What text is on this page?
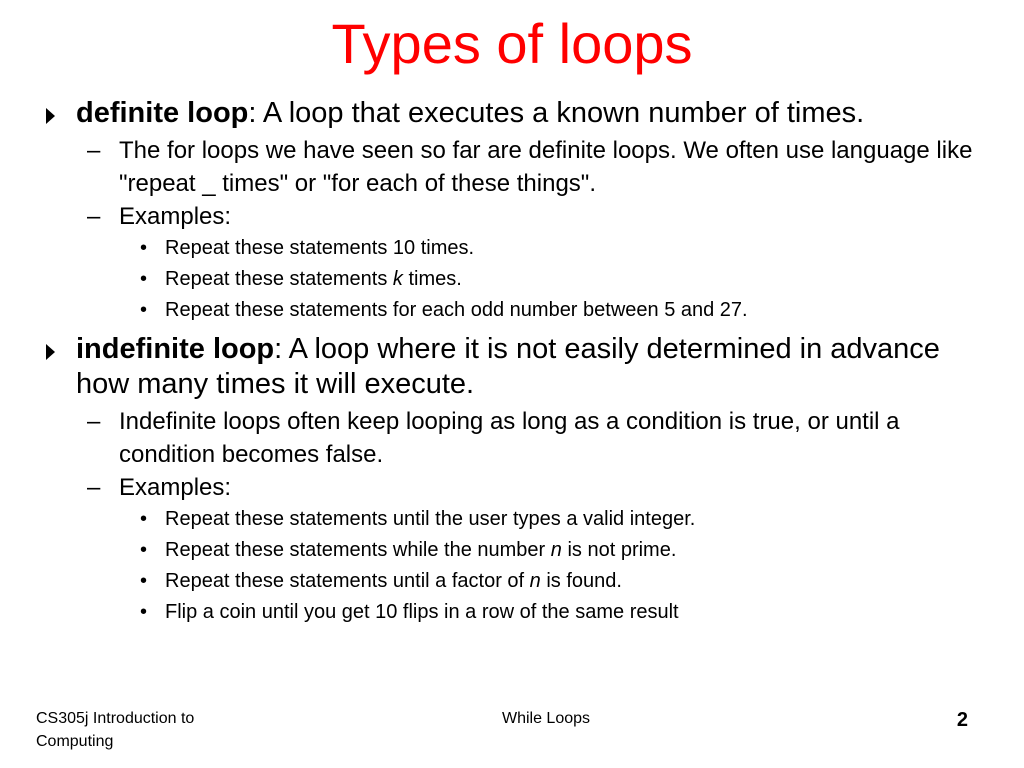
Types of loops
definite loop: A loop that executes a known number of times.
– The for loops we have seen so far are definite loops. We often use language like "repeat _ times" or "for each of these things".
– Examples:
• Repeat these statements 10 times.
• Repeat these statements k times.
• Repeat these statements for each odd number between 5 and 27.
indefinite loop: A loop where it is not easily determined in advance how many times it will execute.
– Indefinite loops often keep looping as long as a condition is true, or until a condition becomes false.
– Examples:
• Repeat these statements until the user types a valid integer.
• Repeat these statements while the number n is not prime.
• Repeat these statements until a factor of n is found.
• Flip a coin until you get 10 flips in a row of the same result
CS305j Introduction to Computing
While Loops	2
